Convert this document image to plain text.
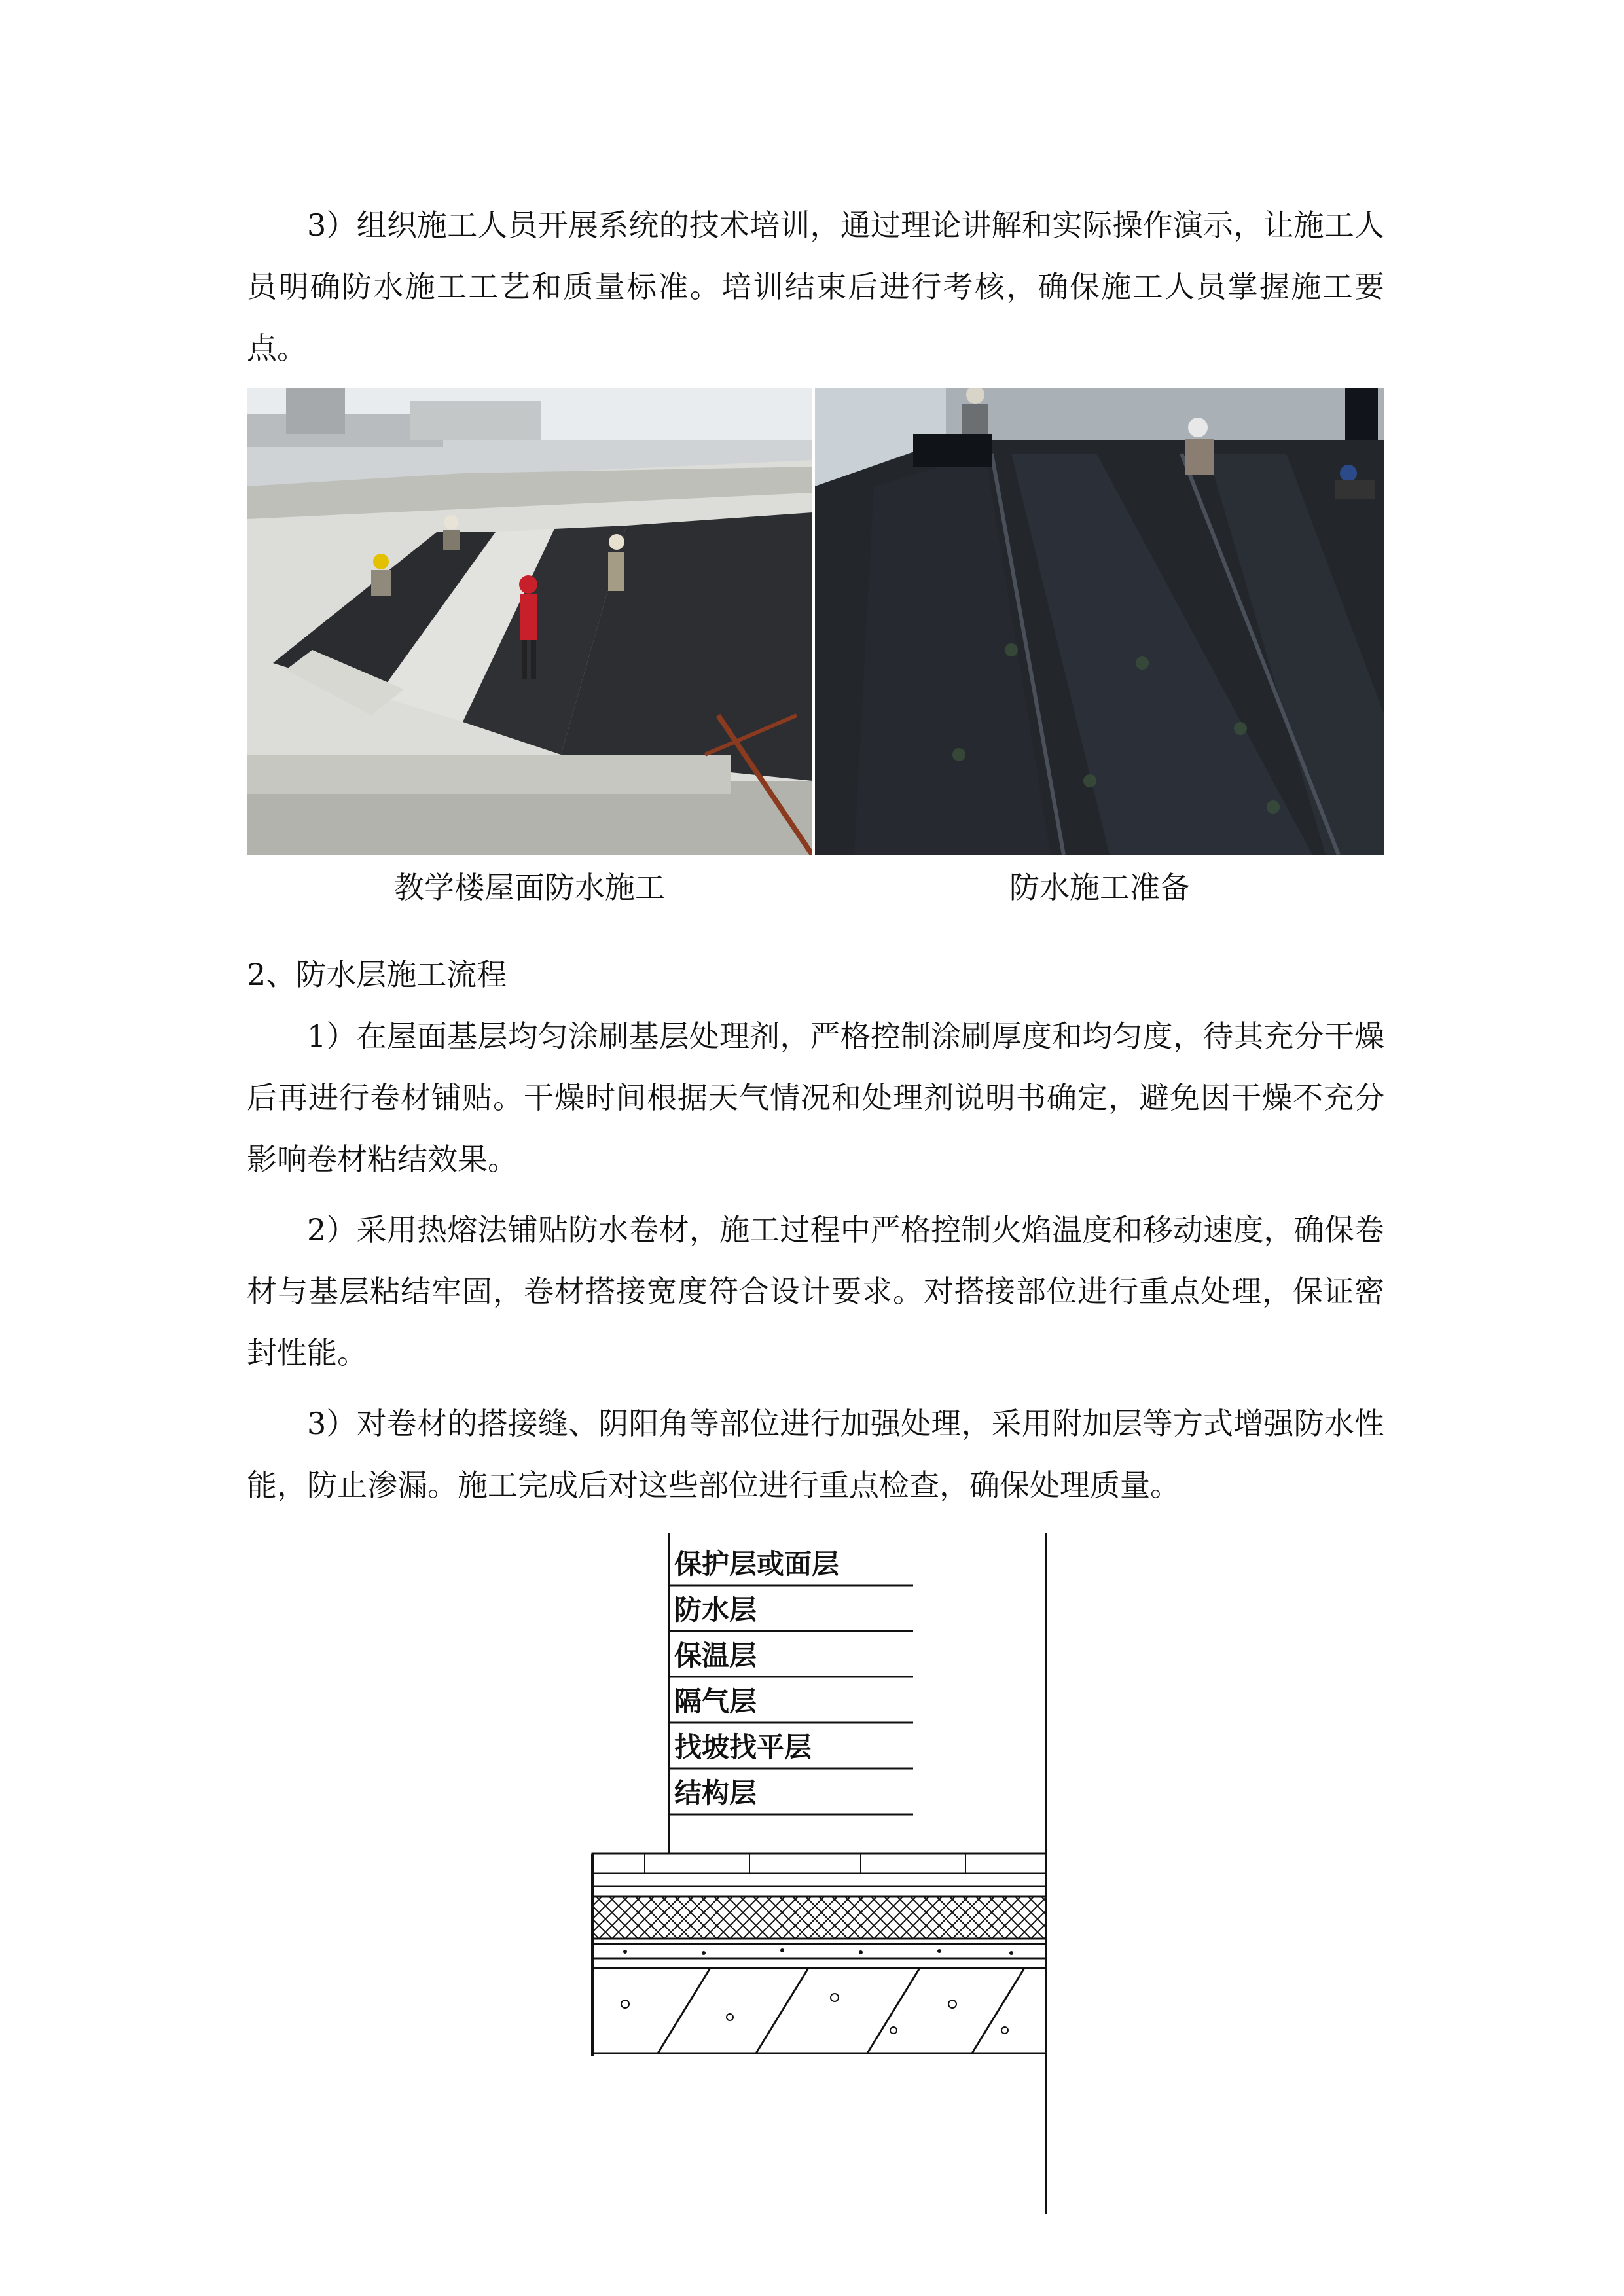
3）组织施工人员开展系统的技术培训，通过理论讲解和实际操作演示，让施工人员明确防水施工工艺和质量标准。培训结束后进行考核，确保施工人员掌握施工要点。

教学楼屋面防水施工	防水施工准备

2、防水层施工流程

1）在屋面基层均匀涂刷基层处理剂，严格控制涂刷厚度和均匀度，待其充分干燥后再进行卷材铺贴。干燥时间根据天气情况和处理剂说明书确定，避免因干燥不充分影响卷材粘结效果。

2）采用热熔法铺贴防水卷材，施工过程中严格控制火焰温度和移动速度，确保卷材与基层粘结牢固，卷材搭接宽度符合设计要求。对搭接部位进行重点处理，保证密封性能。

3）对卷材的搭接缝、阴阳角等部位进行加强处理，采用附加层等方式增强防水性能，防止渗漏。施工完成后对这些部位进行重点检查，确保处理质量。

保护层或面层
防水层
保温层
隔气层
找坡找平层
结构层
